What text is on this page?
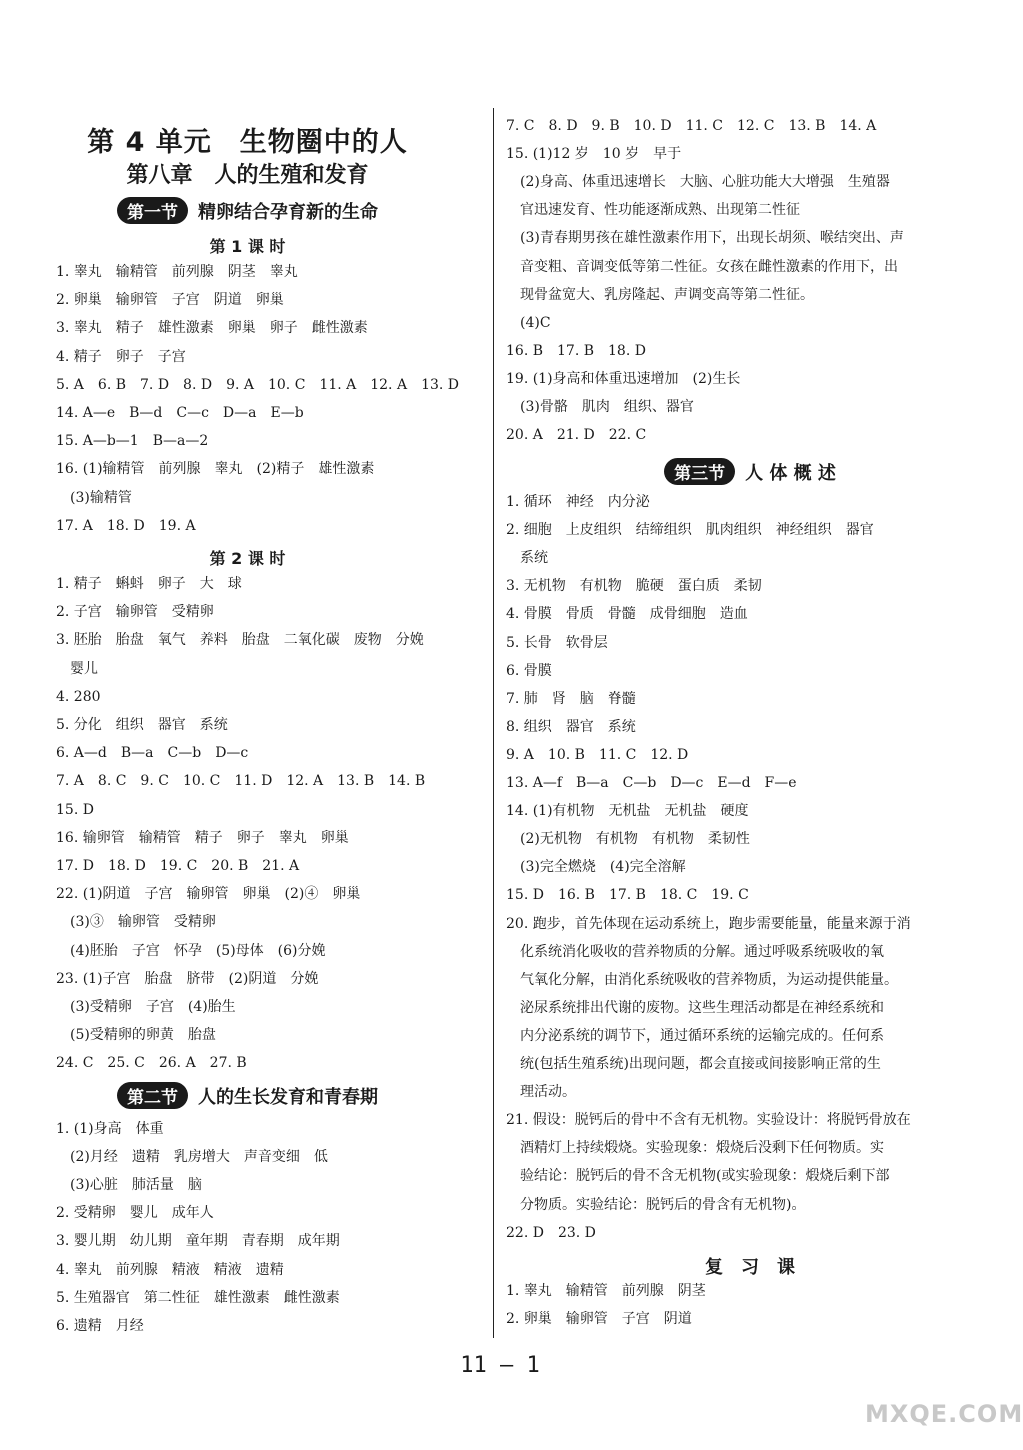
第 4 单元　生物圈中的人
第八章　人的生殖和发育
第一节	精卵结合孕育新的生命
第 1 课 时
1. 睾丸　输精管　前列腺　阴茎　睾丸
2. 卵巢　输卵管　子宫　阴道　卵巢
3. 睾丸　精子　雄性激素　卵巢　卵子　雌性激素
4. 精子　卵子　子宫
5. A　6. B　7. D　8. D　9. A　10. C　11. A　12. A　13. D
14. A—e　B—d　C—c　D—a　E—b
15. A—b—1　B—a—2
16. (1)输精管　前列腺　睾丸　(2)精子　雄性激素
　(3)输精管
17. A　18. D　19. A
第 2 课 时
1. 精子　蝌蚪　卵子　大　球
2. 子宫　输卵管　受精卵
3. 胚胎　胎盘　氧气　养料　胎盘　二氧化碳　废物　分娩
　婴儿
4. 280
5. 分化　组织　器官　系统
6. A—d　B—a　C—b　D—c
7. A　8. C　9. C　10. C　11. D　12. A　13. B　14. B
15. D
16. 输卵管　输精管　精子　卵子　睾丸　卵巢
17. D　18. D　19. C　20. B　21. A
22. (1)阴道　子宫　输卵管　卵巢　(2)④　卵巢
　(3)③　输卵管　受精卵
　(4)胚胎　子宫　怀孕　(5)母体　(6)分娩
23. (1)子宫　胎盘　脐带　(2)阴道　分娩
　(3)受精卵　子宫　(4)胎生
　(5)受精卵的卵黄　胎盘
24. C　25. C　26. A　27. B
第二节	人的生长发育和青春期
1. (1)身高　体重
　(2)月经　遗精　乳房增大　声音变细　低
　(3)心脏　肺活量　脑
2. 受精卵　婴儿　成年人
3. 婴儿期　幼儿期　童年期　青春期　成年期
4. 睾丸　前列腺　精液　精液　遗精
5. 生殖器官　第二性征　雄性激素　雌性激素
6. 遗精　月经
7. C　8. D　9. B　10. D　11. C　12. C　13. B　14. A
15. (1)12 岁　10 岁　早于
　(2)身高、体重迅速增长　大脑、心脏功能大大增强　生殖器
　官迅速发育、性功能逐渐成熟、出现第二性征
　(3)青春期男孩在雄性激素作用下，出现长胡须、喉结突出、声
　音变粗、音调变低等第二性征。女孩在雌性激素的作用下，出
　现骨盆宽大、乳房隆起、声调变高等第二性征。
　(4)C
16. B　17. B　18. D
19. (1)身高和体重迅速增加　(2)生长
　(3)骨骼　肌肉　组织、器官
20. A　21. D　22. C
第三节	人 体 概 述
1. 循环　神经　内分泌
2. 细胞　上皮组织　结缔组织　肌肉组织　神经组织　器官
　系统
3. 无机物　有机物　脆硬　蛋白质　柔韧
4. 骨膜　骨质　骨髓　成骨细胞　造血
5. 长骨　软骨层
6. 骨膜
7. 肺　肾　脑　脊髓
8. 组织　器官　系统
9. A　10. B　11. C　12. D
13. A—f　B—a　C—b　D—c　E—d　F—e
14. (1)有机物　无机盐　无机盐　硬度
　(2)无机物　有机物　有机物　柔韧性
　(3)完全燃烧　(4)完全溶解
15. D　16. B　17. B　18. C　19. C
20. 跑步，首先体现在运动系统上，跑步需要能量，能量来源于消
　化系统消化吸收的营养物质的分解。通过呼吸系统吸收的氧
　气氧化分解，由消化系统吸收的营养物质，为运动提供能量。
　泌尿系统排出代谢的废物。这些生理活动都是在神经系统和
　内分泌系统的调节下，通过循环系统的运输完成的。任何系
　统(包括生殖系统)出现问题，都会直接或间接影响正常的生
　理活动。
21. 假设：脱钙后的骨中不含有无机物。实验设计：将脱钙骨放在
　酒精灯上持续煅烧。实验现象：煅烧后没剩下任何物质。实
　验结论：脱钙后的骨不含无机物(或实验现象：煅烧后剩下部
　分物质。实验结论：脱钙后的骨含有无机物)。
22. D　23. D
复　习　课
1. 睾丸　输精管　前列腺　阴茎
2. 卵巢　输卵管　子宫　阴道
11 — 1
MXQE.COM
